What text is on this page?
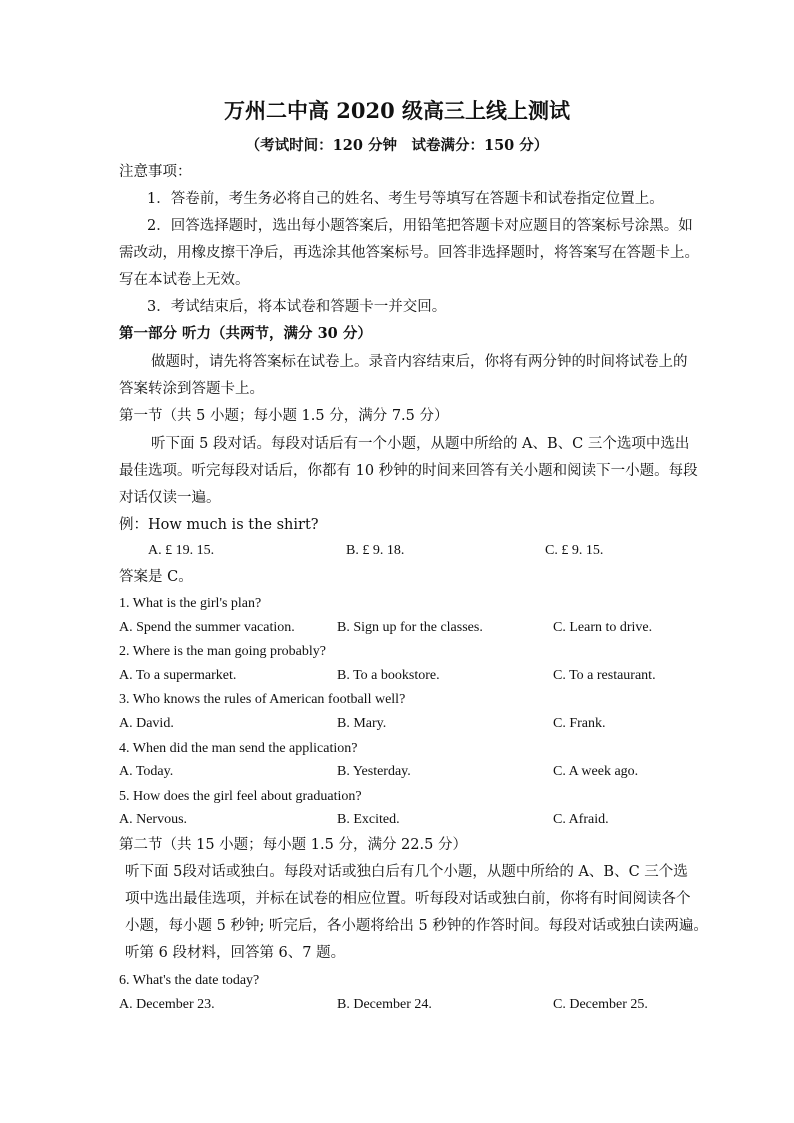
万州二中高 2020 级高三上线上测试
（考试时间：120 分钟　试卷满分：150 分）
注意事项：
1．答卷前，考生务必将自己的姓名、考生号等填写在答题卡和试卷指定位置上。
2．回答选择题时，选出每小题答案后，用铅笔把答题卡对应题目的答案标号涂黑。如
需改动，用橡皮擦干净后，再选涂其他答案标号。回答非选择题时，将答案写在答题卡上。
写在本试卷上无效。
3．考试结束后，将本试卷和答题卡一并交回。
第一部分 听力（共两节，满分 30 分）
做题时，请先将答案标在试卷上。录音内容结束后，你将有两分钟的时间将试卷上的
答案转涂到答题卡上。
第一节（共 5 小题；每小题 1.5 分，满分 7.5 分）
听下面 5 段对话。每段对话后有一个小题，从题中所给的 A、B、C 三个选项中选出
最佳选项。听完每段对话后，你都有 10 秒钟的时间来回答有关小题和阅读下一小题。每段
对话仅读一遍。
例：How much is the shirt?
A. £ 19. 15.	B. £ 9. 18.	C. £ 9. 15.
答案是 C。
1. What is the girl's plan?
A. Spend the summer vacation.	B. Sign up for the classes.	C. Learn to drive.
2. Where is the man going probably?
A. To a supermarket.	B. To a bookstore.	C. To a restaurant.
3. Who knows the rules of American football well?
A. David.	B. Mary.	C. Frank.
4. When did the man send the application?
A. Today.	B. Yesterday.	C. A week ago.
5. How does the girl feel about graduation?
A. Nervous.	B. Excited.	C. Afraid.
第二节（共 15 小题；每小题 1.5 分，满分 22.5 分）
听下面 5段对话或独白。每段对话或独白后有几个小题，从题中所给的 A、B、C 三个选
项中选出最佳选项，并标在试卷的相应位置。听每段对话或独白前，你将有时间阅读各个
小题，每小题 5 秒钟; 听完后，各小题将给出 5 秒钟的作答时间。每段对话或独白读两遍。
听第 6 段材料，回答第 6、7 题。
6. What's the date today?
A. December 23.	B. December 24.	C. December 25.
